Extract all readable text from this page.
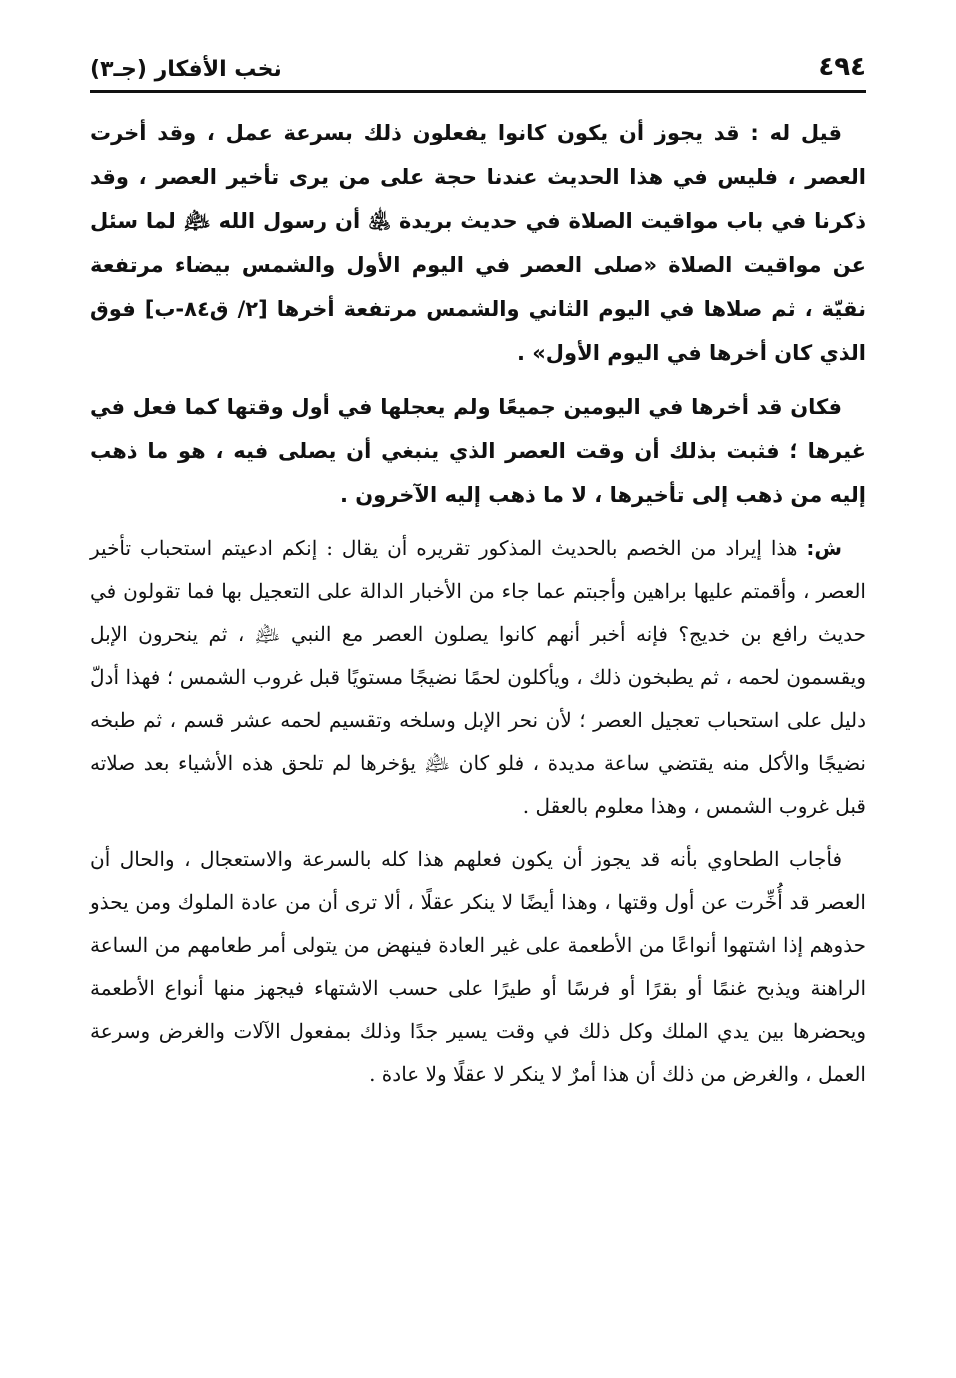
٤٩٤
نخب الأفكار (جـ٣)

قيل له : قد يجوز أن يكون كانوا يفعلون ذلك بسرعة عمل ، وقد أخرت العصر ، فليس في هذا الحديث عندنا حجة على من يرى تأخير العصر ، وقد ذكرنا في باب مواقيت الصلاة في حديث بريدة ﵁ أن رسول الله ﵇ لما سئل عن مواقيت الصلاة «صلى العصر في اليوم الأول والشمس بيضاء مرتفعة نقيّة ، ثم صلاها في اليوم الثاني والشمس مرتفعة أخرها [٢/ ق٨٤-ب] فوق الذي كان أخرها في اليوم الأول» .

فكان قد أخرها في اليومين جميعًا ولم يعجلها في أول وقتها كما فعل في غيرها ؛ فثبت بذلك أن وقت العصر الذي ينبغي أن يصلى فيه ، هو ما ذهب إليه من ذهب إلى تأخيرها ، لا ما ذهب إليه الآخرون .

ش: هذا إيراد من الخصم بالحديث المذكور تقريره أن يقال : إنكم ادعيتم استحباب تأخير العصر ، وأقمتم عليها براهين وأجبتم عما جاء من الأخبار الدالة على التعجيل بها فما تقولون في حديث رافع بن خديج؟ فإنه أخبر أنهم كانوا يصلون العصر مع النبي ﵇ ، ثم ينحرون الإبل ويقسمون لحمه ، ثم يطبخون ذلك ، ويأكلون لحمًا نضيجًا مستويًا قبل غروب الشمس ؛ فهذا أدلّ دليل على استحباب تعجيل العصر ؛ لأن نحر الإبل وسلخه وتقسيم لحمه عشر قسم ، ثم طبخه نضيجًا والأكل منه يقتضي ساعة مديدة ، فلو كان ﵇ يؤخرها لم تلحق هذه الأشياء بعد صلاته قبل غروب الشمس ، وهذا معلوم بالعقل .

فأجاب الطحاوي بأنه قد يجوز أن يكون فعلهم هذا كله بالسرعة والاستعجال ، والحال أن العصر قد أُخِّرت عن أول وقتها ، وهذا أيضًا لا ينكر عقلًا ، ألا ترى أن من عادة الملوك ومن يحذو حذوهم إذا اشتهوا أنواعًا من الأطعمة على غير العادة فينهض من يتولى أمر طعامهم من الساعة الراهنة ويذبح غنمًا أو بقرًا أو فرسًا أو طيرًا على حسب الاشتهاء فيجهز منها أنواع الأطعمة ويحضرها بين يدي الملك وكل ذلك في وقت يسير جدًا وذلك بمفعول الآلات والغرض وسرعة العمل ، والغرض من ذلك أن هذا أمرٌ لا ينكر لا عقلًا ولا عادة .
